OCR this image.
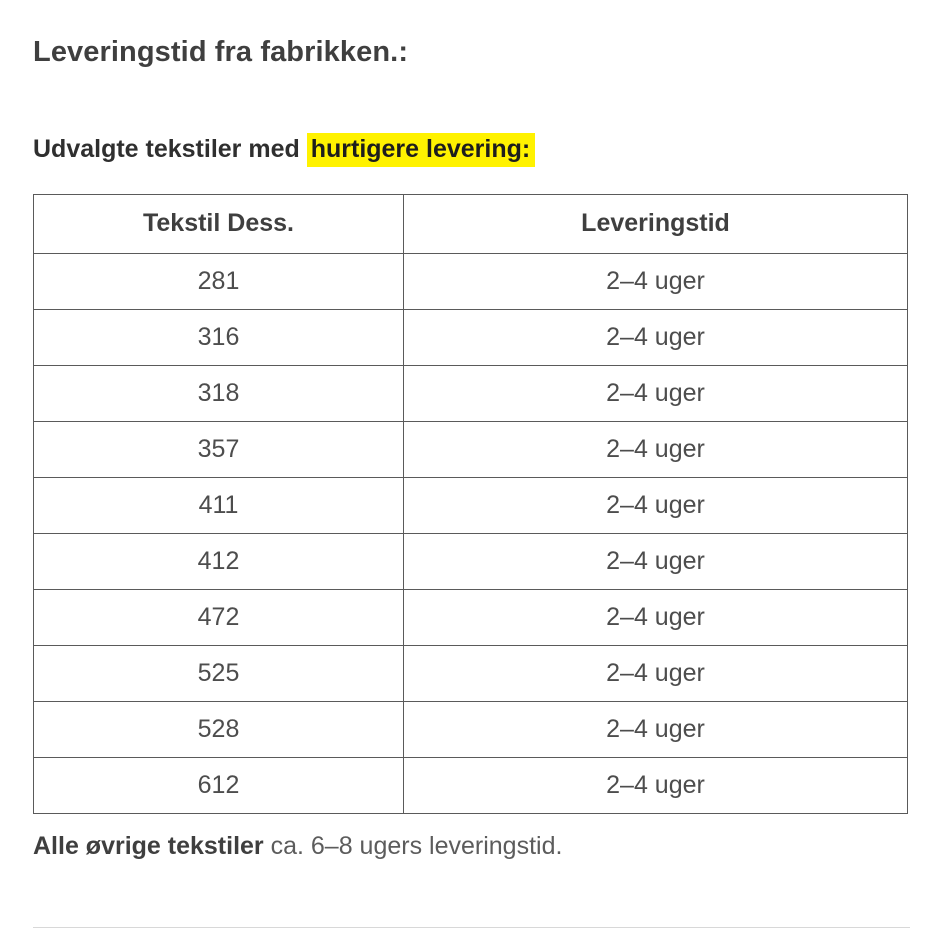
Leveringstid fra fabrikken.:
Udvalgte tekstiler med hurtigere levering:
Tekstil Dess.	Leveringstid
281	2–4 uger
316	2–4 uger
318	2–4 uger
357	2–4 uger
411	2–4 uger
412	2–4 uger
472	2–4 uger
525	2–4 uger
528	2–4 uger
612	2–4 uger
Alle øvrige tekstiler ca. 6–8 ugers leveringstid.
